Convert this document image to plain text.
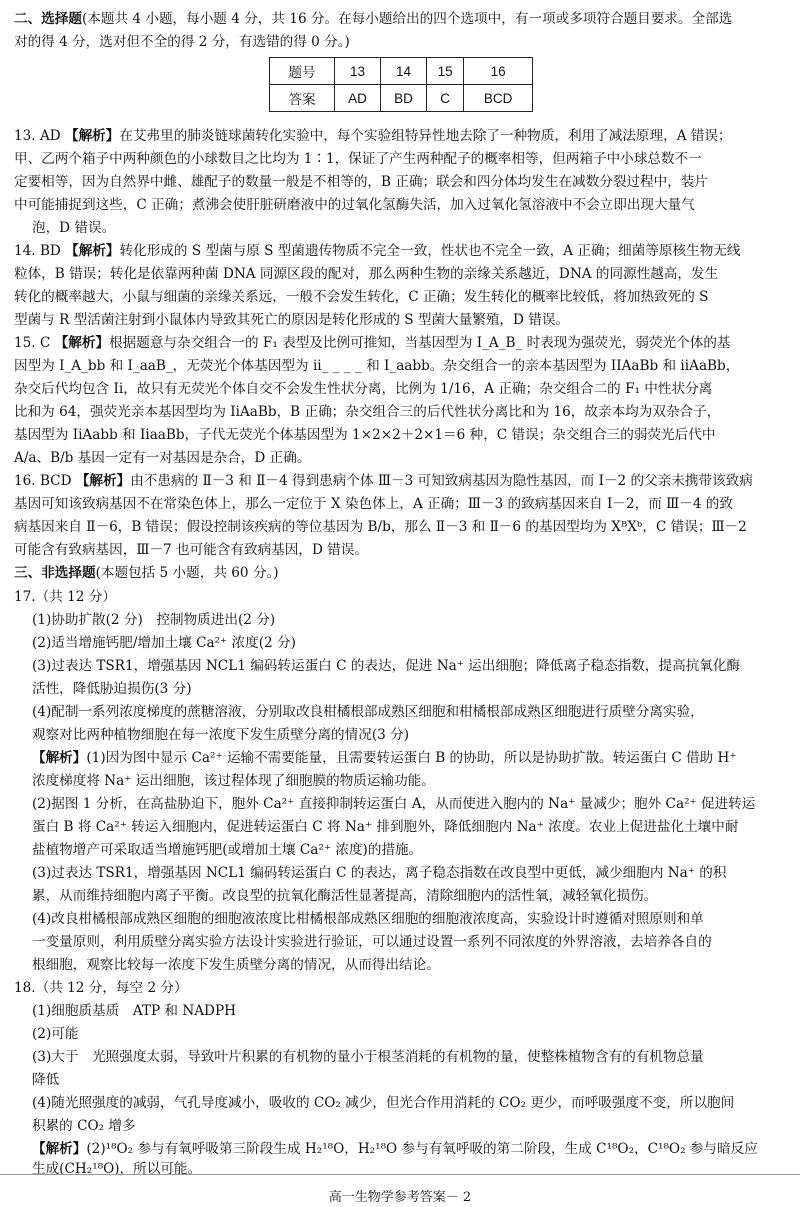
二、选择题(本题共 4 小题，每小题 4 分，共 16 分。在每小题给出的四个选项中，有一项或多项符合题目要求。全部选

对的得 4 分，选对但不全的得 2 分，有选错的得 0 分。)

题号	13	14	15	16
答案	AD	BD	C	BCD

13. AD 【解析】在艾弗里的肺炎链球菌转化实验中，每个实验组特异性地去除了一种物质，利用了减法原理，A 错误；

甲、乙两个箱子中两种颜色的小球数目之比均为 1∶1，保证了产生两种配子的概率相等，但两箱子中小球总数不一

定要相等，因为自然界中雌、雄配子的数量一般是不相等的，B 正确；联会和四分体均发生在减数分裂过程中，装片

中可能捕捉到这些，C 正确；煮沸会使肝脏研磨液中的过氧化氢酶失活，加入过氧化氢溶液中不会立即出现大量气

泡，D 错误。

14. BD 【解析】转化形成的 S 型菌与原 S 型菌遗传物质不完全一致，性状也不完全一致，A 正确；细菌等原核生物无线

粒体，B 错误；转化是依靠两种菌 DNA 同源区段的配对，那么两种生物的亲缘关系越近，DNA 的同源性越高，发生

转化的概率越大，小鼠与细菌的亲缘关系远，一般不会发生转化，C 正确；发生转化的概率比较低，将加热致死的 S

型菌与 R 型活菌注射到小鼠体内导致其死亡的原因是转化形成的 S 型菌大量繁殖，D 错误。

15. C 【解析】根据题意与杂交组合一的 F₁ 表型及比例可推知，当基因型为 I_A_B_ 时表现为强荧光，弱荧光个体的基

因型为 I_A_bb 和 I_aaB_，无荧光个体基因型为 ii_ _ _ _ 和 I_aabb。杂交组合一的亲本基因型为 IIAaBb 和 iiAaBb，

杂交后代均包含 Ii，故只有无荧光个体自交不会发生性状分离，比例为 1/16，A 正确；杂交组合二的 F₁ 中性状分离

比和为 64，强荧光亲本基因型均为 IiAaBb，B 正确；杂交组合三的后代性状分离比和为 16，故亲本均为双杂合子，

基因型为 IiAabb 和 IiaaBb，子代无荧光个体基因型为 1×2×2＋2×1＝6 种，C 错误；杂交组合三的弱荧光后代中

A/a、B/b 基因一定有一对基因是杂合，D 正确。

16. BCD 【解析】由不患病的 Ⅱ－3 和 Ⅱ－4 得到患病个体 Ⅲ－3 可知致病基因为隐性基因，而 Ⅰ－2 的父亲未携带该致病

基因可知该致病基因不在常染色体上，那么一定位于 X 染色体上，A 正确；Ⅲ－3 的致病基因来自 Ⅰ－2，而 Ⅲ－4 的致

病基因来自 Ⅱ－6，B 错误；假设控制该疾病的等位基因为 B/b，那么 Ⅱ－3 和 Ⅱ－6 的基因型均为 XᴮXᵇ，C 错误；Ⅲ－2

可能含有致病基因，Ⅲ－7 也可能含有致病基因，D 错误。

三、非选择题(本题包括 5 小题，共 60 分。)

17.（共 12 分）

(1)协助扩散(2 分)　控制物质进出(2 分)

(2)适当增施钙肥/增加土壤 Ca²⁺ 浓度(2 分)

(3)过表达 TSR1，增强基因 NCL1 编码转运蛋白 C 的表达，促进 Na⁺ 运出细胞；降低离子稳态指数，提高抗氧化酶

活性，降低胁迫损伤(3 分)

(4)配制一系列浓度梯度的蔗糖溶液，分别取改良柑橘根部成熟区细胞和柑橘根部成熟区细胞进行质壁分离实验，

观察对比两种植物细胞在每一浓度下发生质壁分离的情况(3 分)

【解析】(1)因为图中显示 Ca²⁺ 运输不需要能量，且需要转运蛋白 B 的协助，所以是协助扩散。转运蛋白 C 借助 H⁺

浓度梯度将 Na⁺ 运出细胞，该过程体现了细胞膜的物质运输功能。

(2)据图 1 分析，在高盐胁迫下，胞外 Ca²⁺ 直接抑制转运蛋白 A，从而使进入胞内的 Na⁺ 量减少；胞外 Ca²⁺ 促进转运

蛋白 B 将 Ca²⁺ 转运入细胞内，促进转运蛋白 C 将 Na⁺ 排到胞外，降低细胞内 Na⁺ 浓度。农业上促进盐化土壤中耐

盐植物增产可采取适当增施钙肥(或增加土壤 Ca²⁺ 浓度)的措施。

(3)过表达 TSR1，增强基因 NCL1 编码转运蛋白 C 的表达，离子稳态指数在改良型中更低，减少细胞内 Na⁺ 的积

累，从而维持细胞内离子平衡。改良型的抗氧化酶活性显著提高，清除细胞内的活性氧，减轻氧化损伤。

(4)改良柑橘根部成熟区细胞的细胞液浓度比柑橘根部成熟区细胞的细胞液浓度高，实验设计时遵循对照原则和单

一变量原则，利用质壁分离实验方法设计实验进行验证，可以通过设置一系列不同浓度的外界溶液，去培养各自的

根细胞，观察比较每一浓度下发生质壁分离的情况，从而得出结论。

18.（共 12 分，每空 2 分）

(1)细胞质基质　ATP 和 NADPH

(2)可能

(3)大于　光照强度太弱，导致叶片积累的有机物的量小于根茎消耗的有机物的量，使整株植物含有的有机物总量

降低

(4)随光照强度的减弱，气孔导度减小，吸收的 CO₂ 减少，但光合作用消耗的 CO₂ 更少，而呼吸强度不变，所以胞间

积累的 CO₂ 增多

【解析】(2)¹⁸O₂ 参与有氧呼吸第三阶段生成 H₂¹⁸O，H₂¹⁸O 参与有氧呼吸的第二阶段，生成 C¹⁸O₂，C¹⁸O₂ 参与暗反应

生成(CH₂¹⁸O)，所以可能。

高一生物学参考答案－ 2
